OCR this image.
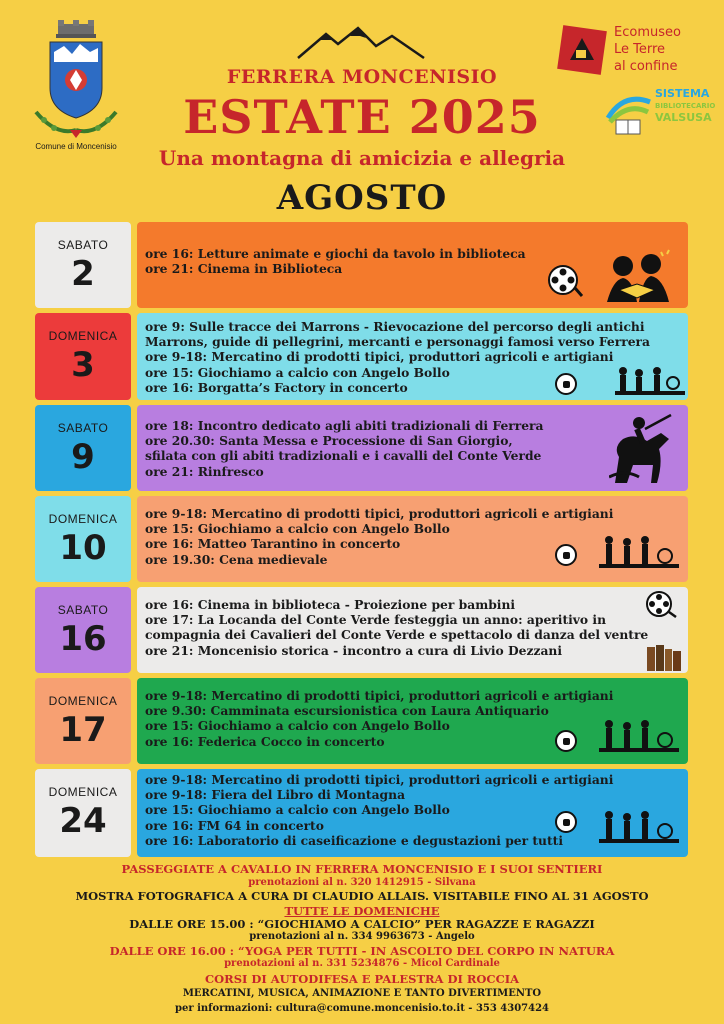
Comune di Moncenisio
FERRERA MONCENISIO
ESTATE 2025
Una montagna di amicizia e allegria
AGOSTO
Ecomuseo
Le Terre
al confine
SISTEMA
BIBLIOTECARIO
VALSUSA
SABATO
2
ore 16: Letture animate e giochi da tavolo in biblioteca
ore 21: Cinema in Biblioteca
DOMENICA
3
ore 9: Sulle tracce dei Marrons - Rievocazione del percorso degli antichi
Marrons, guide di pellegrini, mercanti e personaggi famosi verso Ferrera
ore 9-18: Mercatino di prodotti tipici, produttori agricoli e artigiani
ore 15: Giochiamo a calcio con Angelo Bollo
ore 16: Borgatta’s Factory in concerto
SABATO
9
ore 18: Incontro dedicato agli abiti tradizionali di Ferrera
ore 20.30: Santa Messa e Processione di San Giorgio,
sfilata con gli abiti tradizionali e i cavalli del Conte Verde
ore 21: Rinfresco
DOMENICA
10
ore 9-18: Mercatino di prodotti tipici, produttori agricoli e artigiani
ore 15: Giochiamo a calcio con Angelo Bollo
ore 16: Matteo Tarantino in concerto
ore 19.30: Cena medievale
SABATO
16
ore 16: Cinema in biblioteca - Proiezione per bambini
ore 17: La Locanda del Conte Verde festeggia un anno: aperitivo in
compagnia dei Cavalieri del Conte Verde e spettacolo di danza del ventre
ore 21: Moncenisio storica - incontro a cura di Livio Dezzani
DOMENICA
17
ore 9-18: Mercatino di prodotti tipici, produttori agricoli e artigiani
ore 9.30: Camminata escursionistica con Laura Antiquario
ore 15: Giochiamo a calcio con Angelo Bollo
ore 16: Federica Cocco in concerto
DOMENICA
24
ore 9-18: Mercatino di prodotti tipici, produttori agricoli e artigiani
ore 9-18: Fiera del Libro di Montagna
ore 15: Giochiamo a calcio con Angelo Bollo
ore 16: FM 64 in concerto
ore 16: Laboratorio di caseificazione e degustazioni per tutti
PASSEGGIATE A CAVALLO IN FERRERA MONCENISIO E I SUOI SENTIERI
prenotazioni al n. 320 1412915 - Silvana
MOSTRA FOTOGRAFICA A CURA DI CLAUDIO ALLAIS. VISITABILE FINO AL 31 AGOSTO
TUTTE LE DOMENICHE
DALLE ORE 15.00 : “GIOCHIAMO A CALCIO” PER RAGAZZE E RAGAZZI
prenotazioni al n. 334 9963673 - Angelo
DALLE ORE 16.00 : “YOGA PER TUTTI - IN ASCOLTO DEL CORPO IN NATURA
prenotazioni al n. 331 5234876 - Micol Cardinale
CORSI DI AUTODIFESA E PALESTRA DI ROCCIA
MERCATINI, MUSICA, ANIMAZIONE E TANTO DIVERTIMENTO
per informazioni: cultura@comune.moncenisio.to.it - 353 4307424
